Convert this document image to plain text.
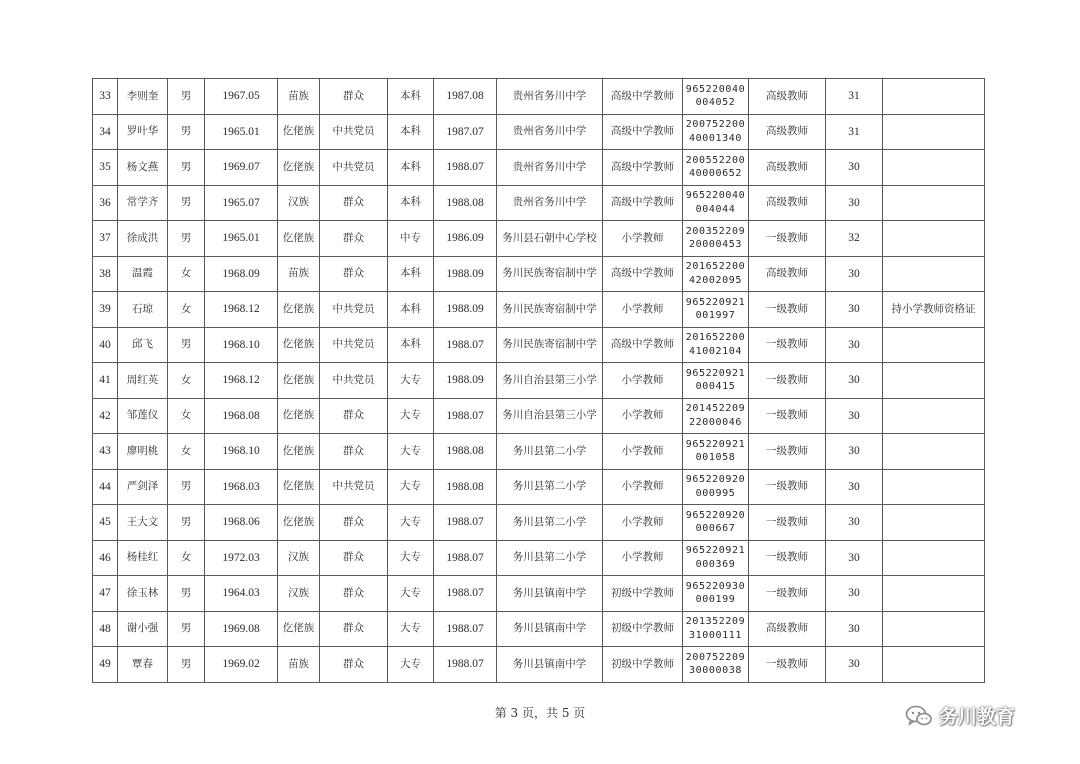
33	李则奎	男	1967.05	苗族	群众	本科	1987.08	贵州省务川中学	高级中学教师	965220040004052	高级教师	31	
34	罗叶华	男	1965.01	仡佬族	中共党员	本科	1987.07	贵州省务川中学	高级中学教师	20075220040001340	高级教师	31	
35	杨文燕	男	1969.07	仡佬族	中共党员	本科	1988.07	贵州省务川中学	高级中学教师	20055220040000652	高级教师	30	
36	常学齐	男	1965.07	汉族	群众	本科	1988.08	贵州省务川中学	高级中学教师	965220040004044	高级教师	30	
37	徐成洪	男	1965.01	仡佬族	群众	中专	1986.09	务川县石朝中心学校	小学教师	20035220920000453	一级教师	32	
38	温霞	女	1968.09	苗族	群众	本科	1988.09	务川民族寄宿制中学	高级中学教师	20165220042002095	高级教师	30	
39	石琼	女	1968.12	仡佬族	中共党员	本科	1988.09	务川民族寄宿制中学	小学教师	965220921001997	一级教师	30	持小学教师资格证
40	邱飞	男	1968.10	仡佬族	中共党员	本科	1988.07	务川民族寄宿制中学	高级中学教师	20165220041002104	一级教师	30	
41	周红英	女	1968.12	仡佬族	中共党员	大专	1988.09	务川自治县第三小学	小学教师	965220921000415	一级教师	30	
42	邹莲仪	女	1968.08	仡佬族	群众	大专	1988.07	务川自治县第三小学	小学教师	20145220922000046	一级教师	30	
43	廖明桃	女	1968.10	仡佬族	群众	大专	1988.08	务川县第二小学	小学教师	965220921001058	一级教师	30	
44	严剑泽	男	1968.03	仡佬族	中共党员	大专	1988.08	务川县第二小学	小学教师	965220920000995	一级教师	30	
45	王大文	男	1968.06	仡佬族	群众	大专	1988.07	务川县第二小学	小学教师	965220920000667	一级教师	30	
46	杨桂红	女	1972.03	汉族	群众	大专	1988.07	务川县第二小学	小学教师	965220921000369	一级教师	30	
47	徐玉林	男	1964.03	汉族	群众	大专	1988.07	务川县镇南中学	初级中学教师	965220930000199	一级教师	30	
48	谢小强	男	1969.08	仡佬族	群众	大专	1988.07	务川县镇南中学	初级中学教师	20135220931000111	高级教师	30	
49	覃春	男	1969.02	苗族	群众	大专	1988.07	务川县镇南中学	初级中学教师	20075220930000038	一级教师	30	
第 3 页，共 5 页	务川教育
